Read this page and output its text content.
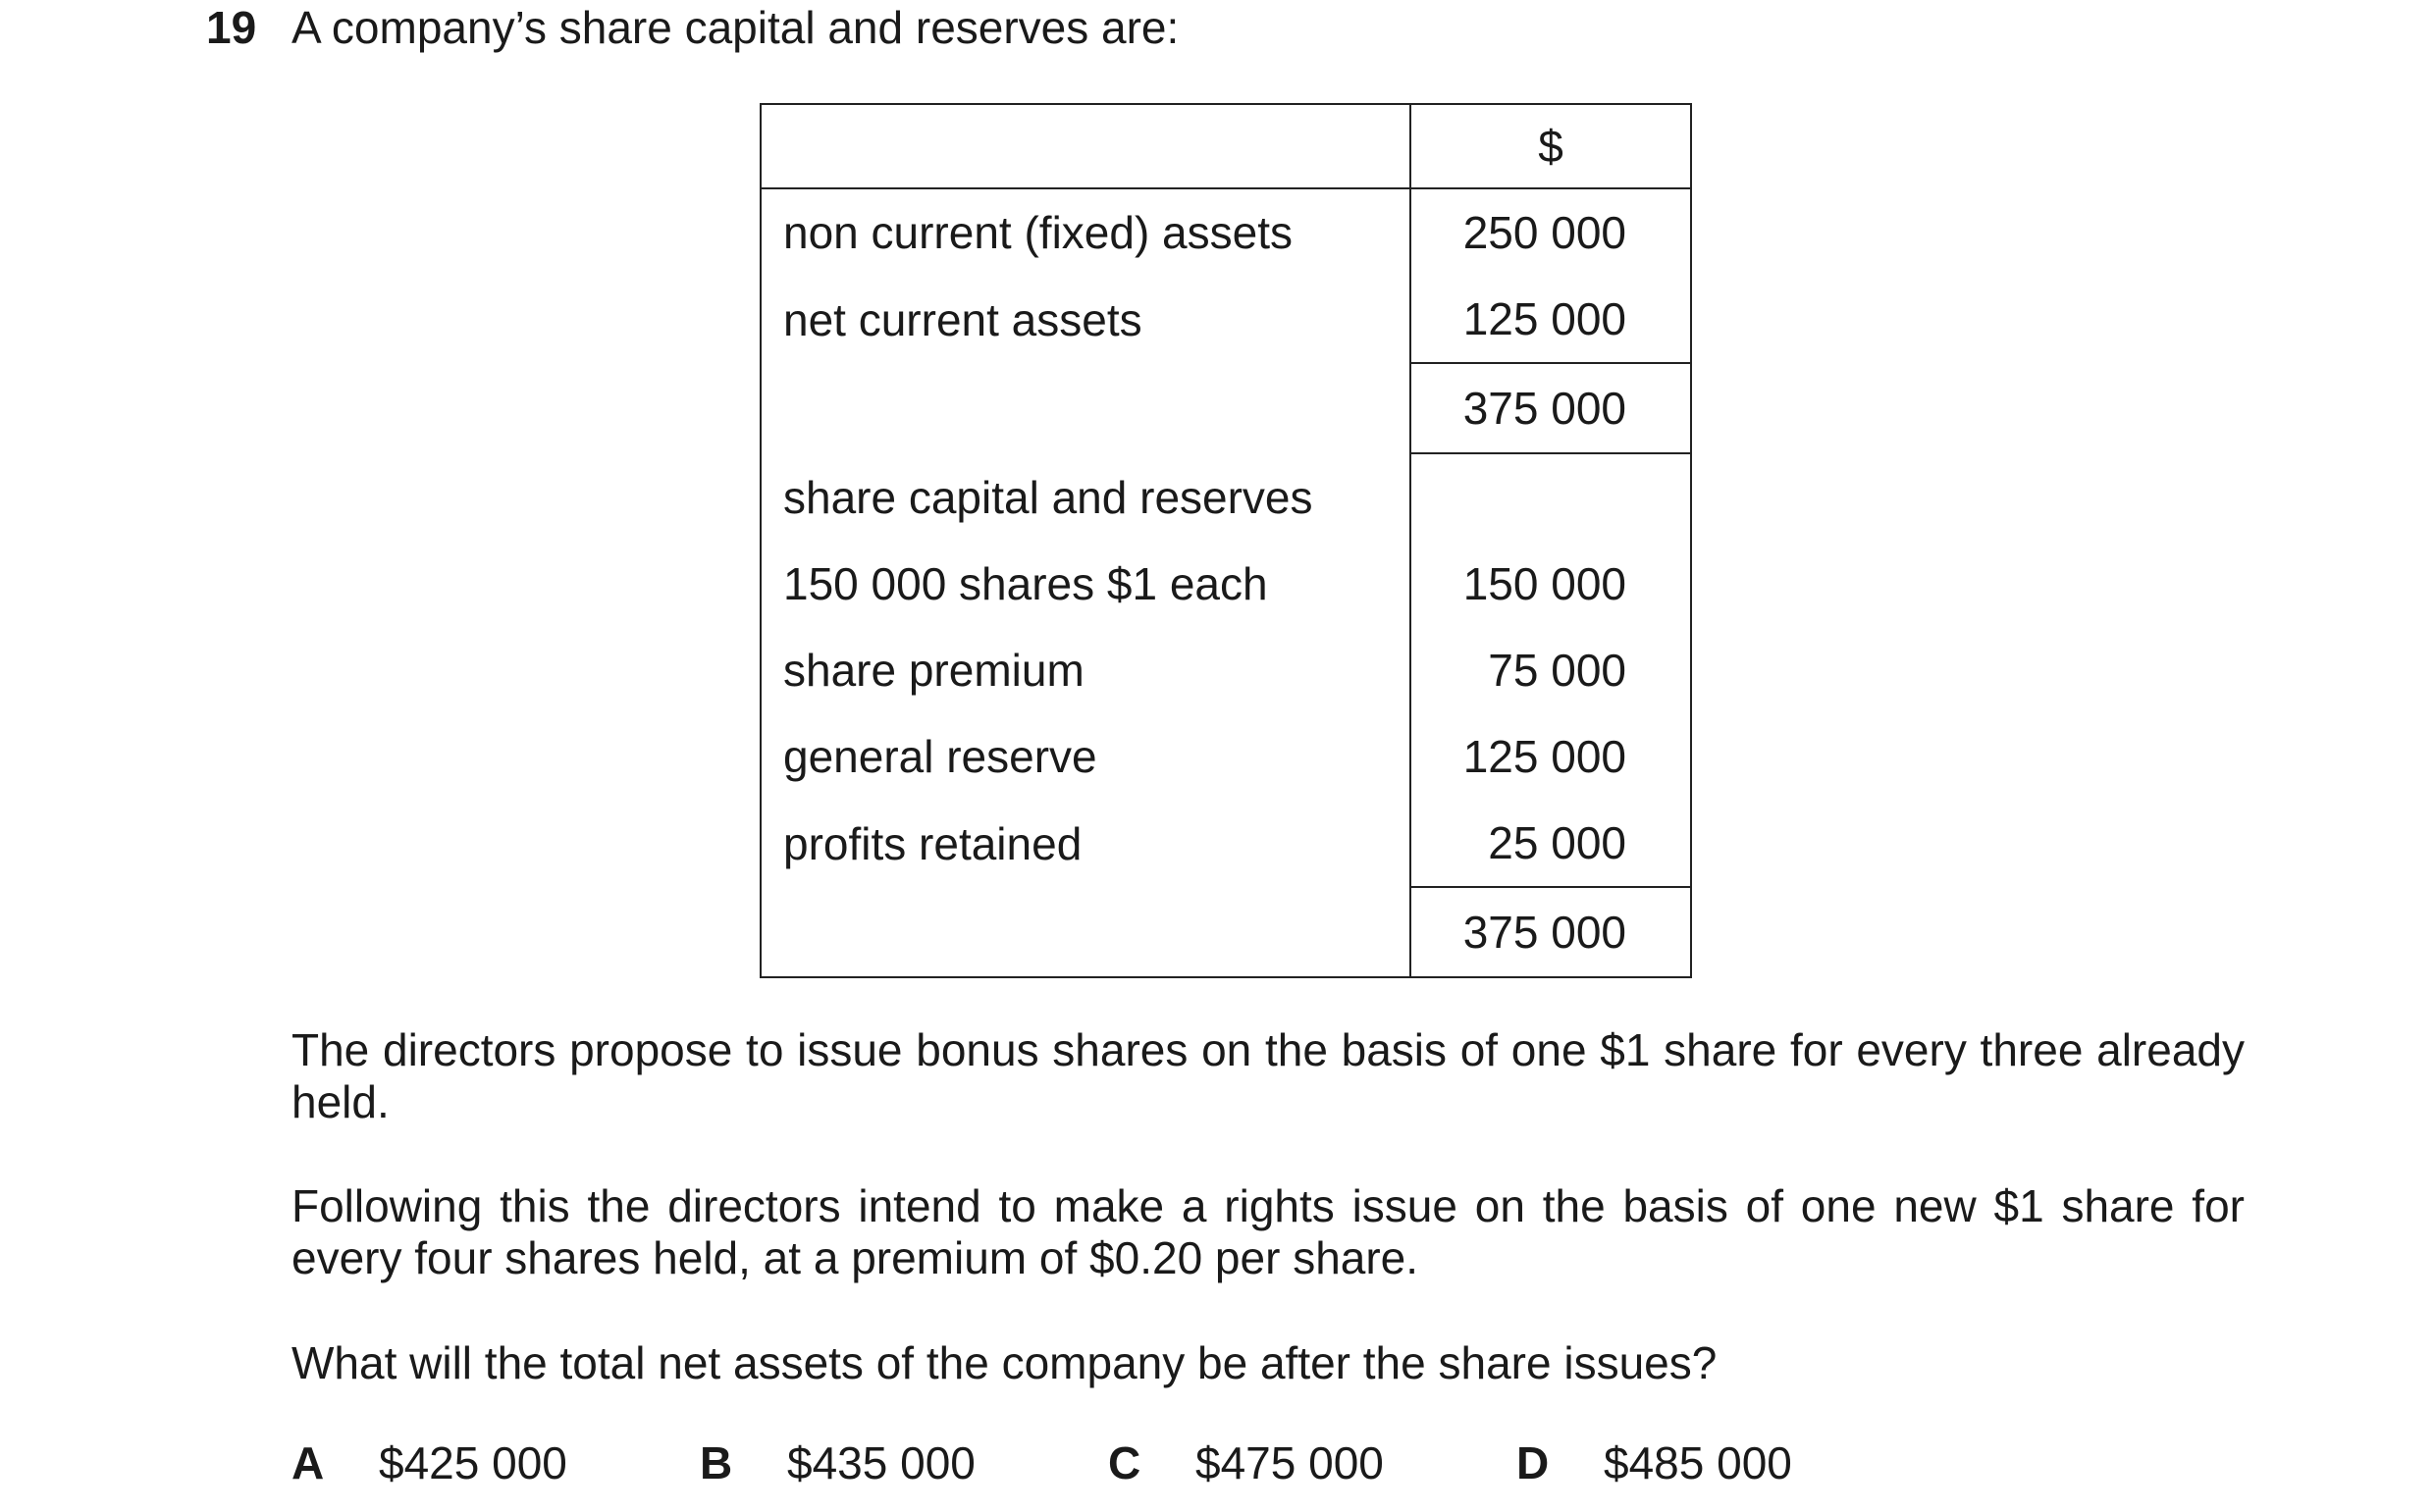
19 A company’s share capital and reserves are:
	$
non current (fixed) assets	250 000
net current assets	125 000
	375 000
share capital and reserves	
150 000 shares $1 each	150 000
share premium	75 000
general reserve	125 000
profits retained	25 000
	375 000

The directors propose to issue bonus shares on the basis of one $1 share for every three already held.

Following this the directors intend to make a rights issue on the basis of one new $1 share for every four shares held, at a premium of $0.20 per share.

What will the total net assets of the company be after the share issues?

A $425 000	B $435 000	C $475 000	D $485 000
